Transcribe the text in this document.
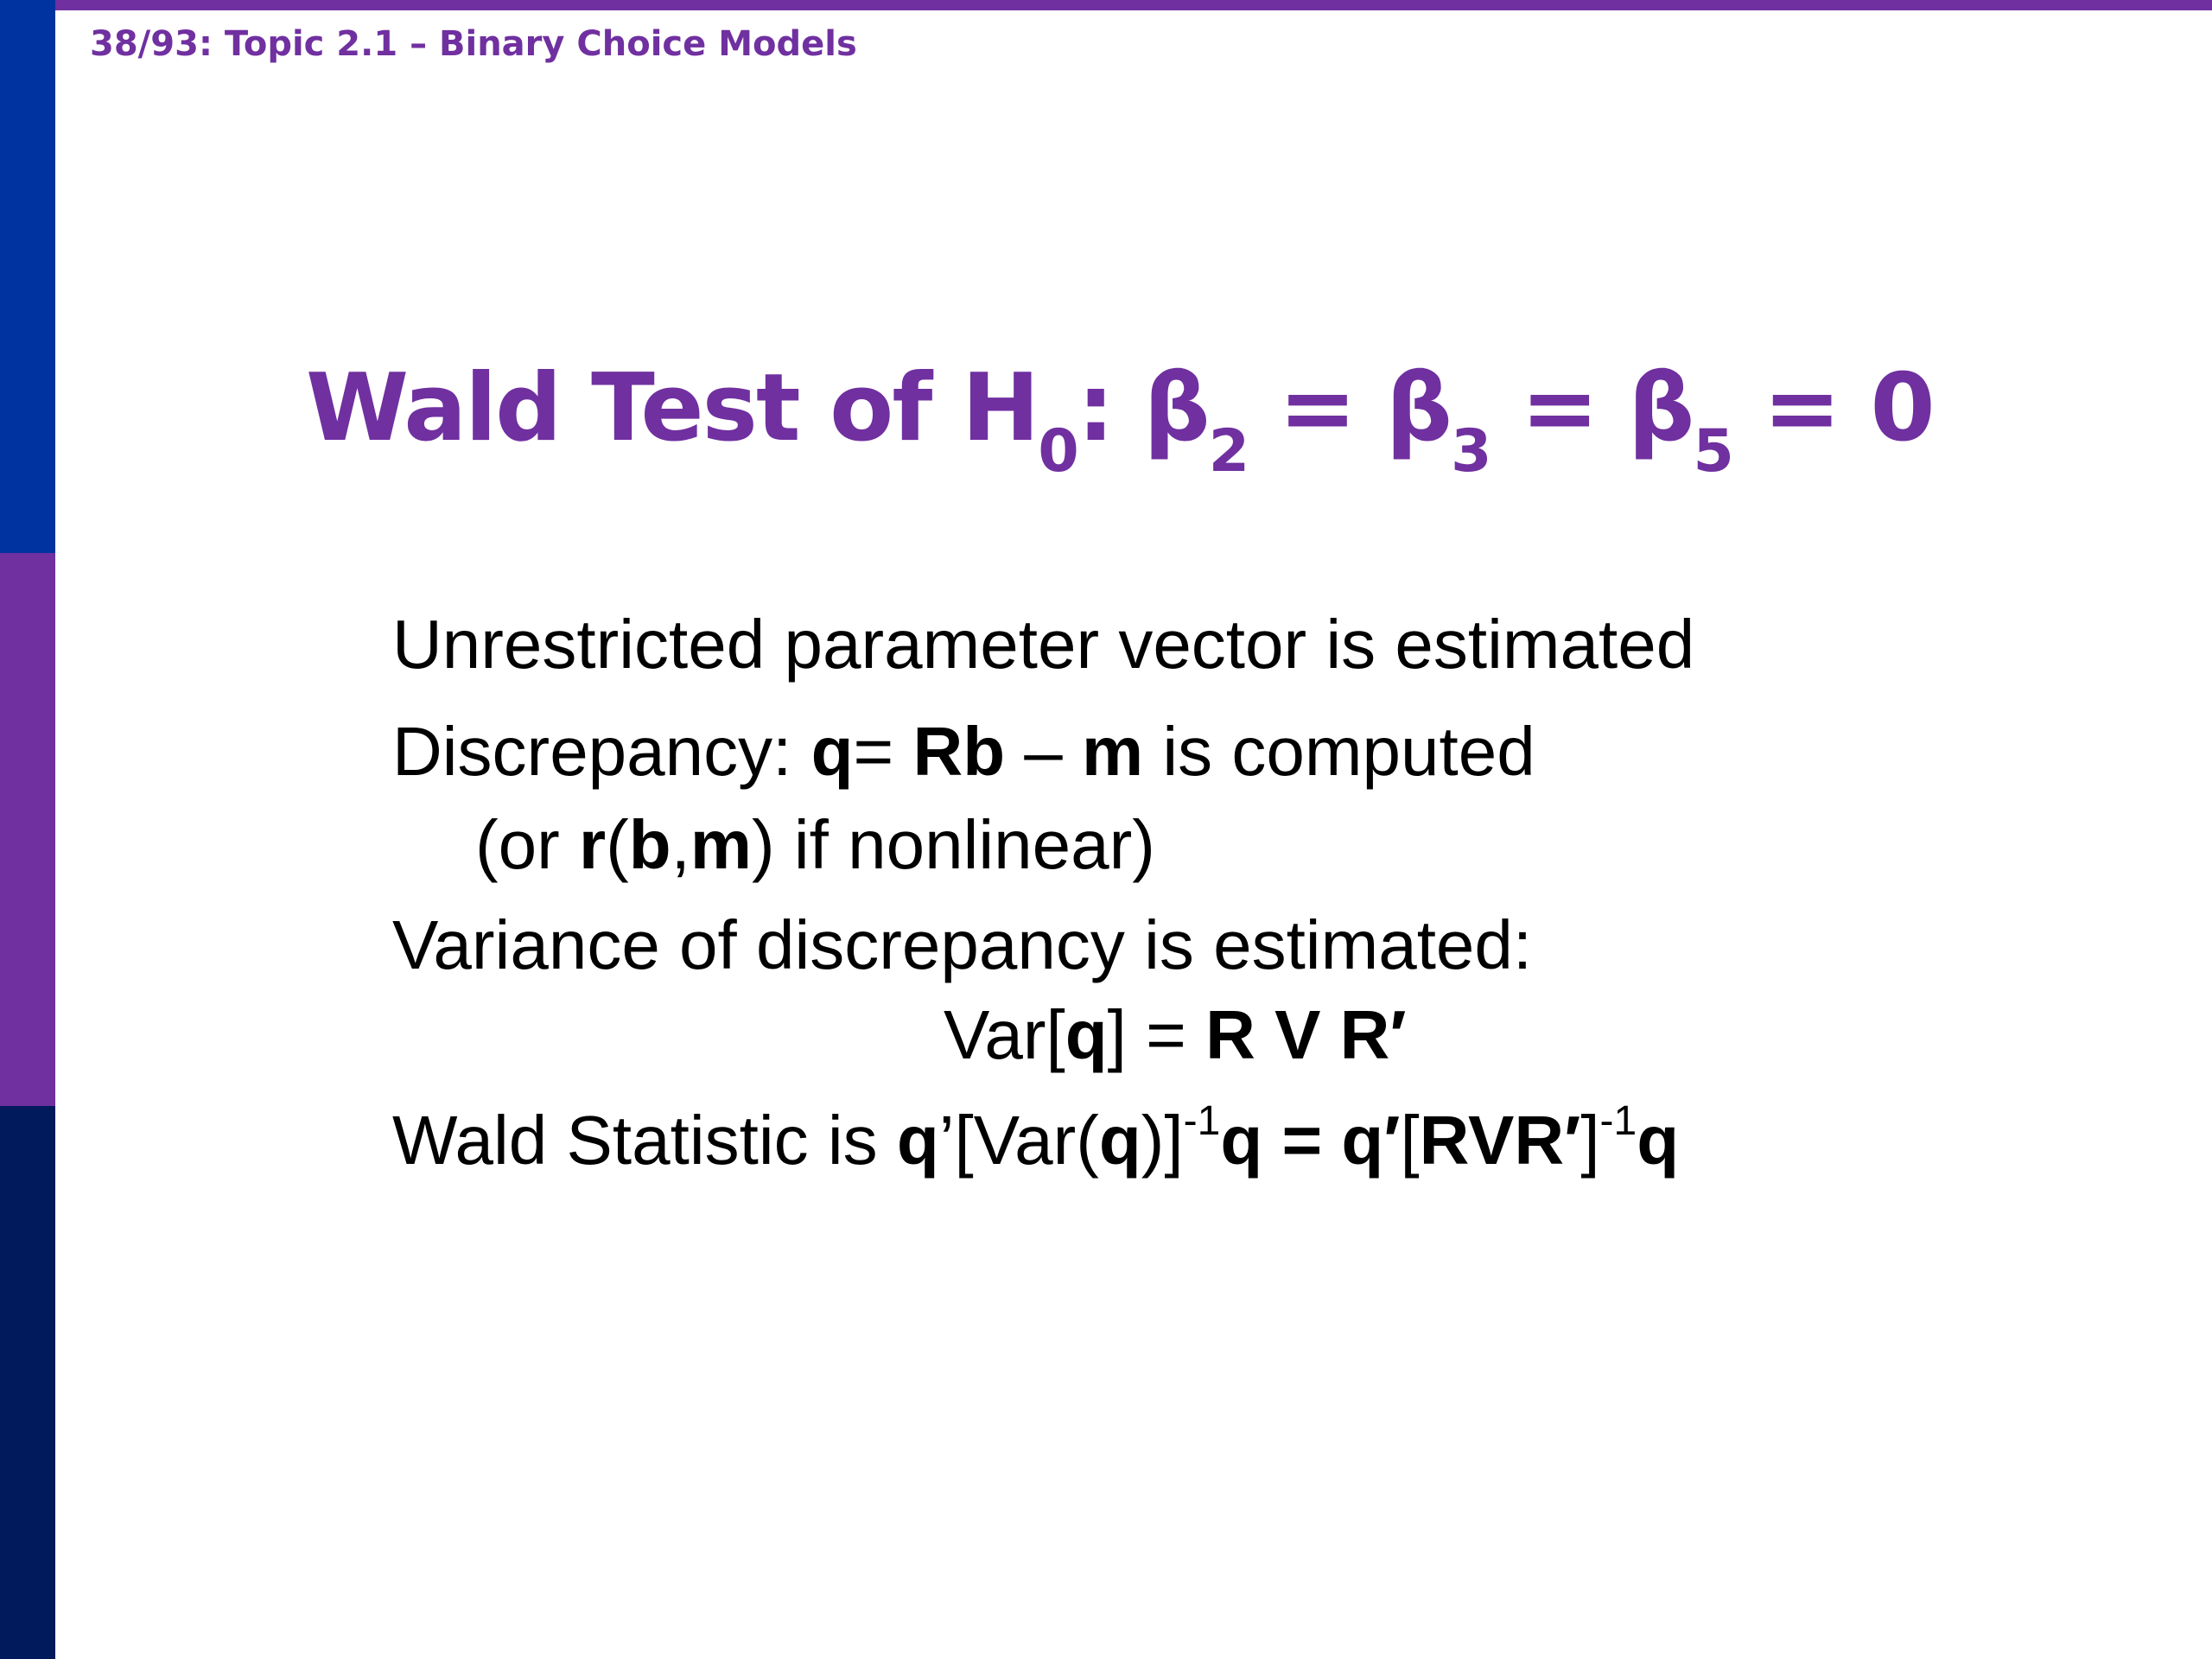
38/93: Topic 2.1 – Binary Choice Models
Wald Test of $H_0$: $\beta_2 = \beta_3 = \beta_5 = 0$
Unrestricted parameter vector is estimated
Discrepancy: q= Rb – m is computed
(or r(b,m) if nonlinear)
Variance of discrepancy is estimated:
Var[q] = R V R′
Wald Statistic is $q’[Var(q)]^{-1}q = q'[RVR']^{-1}q$
